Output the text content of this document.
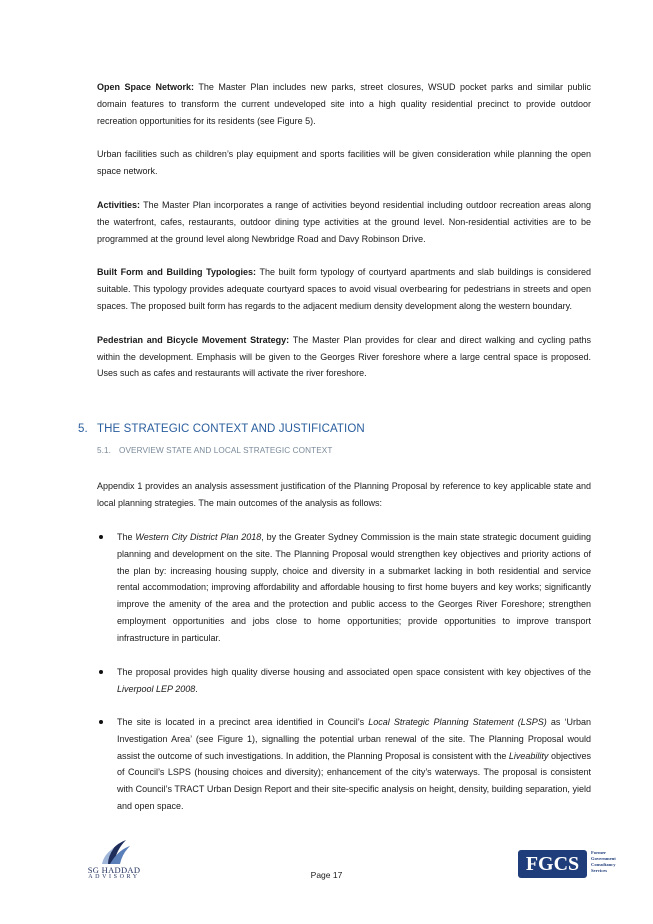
Open Space Network: The Master Plan includes new parks, street closures, WSUD pocket parks and similar public domain features to transform the current undeveloped site into a high quality residential precinct to provide outdoor recreation opportunities for its residents (see Figure 5).

Urban facilities such as children’s play equipment and sports facilities will be given consideration while planning the open space network.

Activities: The Master Plan incorporates a range of activities beyond residential including outdoor recreation areas along the waterfront, cafes, restaurants, outdoor dining type activities at the ground level. Non-residential activities are to be programmed at the ground level along Newbridge Road and Davy Robinson Drive.

Built Form and Building Typologies: The built form typology of courtyard apartments and slab buildings is considered suitable. This typology provides adequate courtyard spaces to avoid visual overbearing for pedestrians in streets and open spaces. The proposed built form has regards to the adjacent medium density development along the western boundary.

Pedestrian and Bicycle Movement Strategy: The Master Plan provides for clear and direct walking and cycling paths within the development. Emphasis will be given to the Georges River foreshore where a large central space is proposed. Uses such as cafes and restaurants will activate the river foreshore.

5. THE STRATEGIC CONTEXT AND JUSTIFICATION
5.1. OVERVIEW STATE AND LOCAL STRATEGIC CONTEXT

Appendix 1 provides an analysis assessment justification of the Planning Proposal by reference to key applicable state and local planning strategies. The main outcomes of the analysis as follows:

The Western City District Plan 2018, by the Greater Sydney Commission is the main state strategic document guiding planning and development on the site. The Planning Proposal would strengthen key objectives and priority actions of the plan by: increasing housing supply, choice and diversity in a submarket lacking in both residential and service rental accommodation; improving affordability and affordable housing to first home buyers and key works; significantly improve the amenity of the area and the protection and public access to the Georges River Foreshore; strengthen employment opportunities and jobs close to home opportunities; provide opportunities to improve transport infrastructure in particular.

The proposal provides high quality diverse housing and associated open space consistent with key objectives of the Liverpool LEP 2008.

The site is located in a precinct area identified in Council’s Local Strategic Planning Statement (LSPS) as ‘Urban Investigation Area’ (see Figure 1), signalling the potential urban renewal of the site. The Planning Proposal would assist the outcome of such investigations. In addition, the Planning Proposal is consistent with the Liveability objectives of Council’s LSPS (housing choices and diversity); enhancement of the city’s waterways. The proposal is consistent with Council’s TRACT Urban Design Report and their site-specific analysis on height, density, building separation, yield and open space.

SG HADDAD
ADVISORY	Page 17	FGCS
Former
Government
Consultancy
Services
